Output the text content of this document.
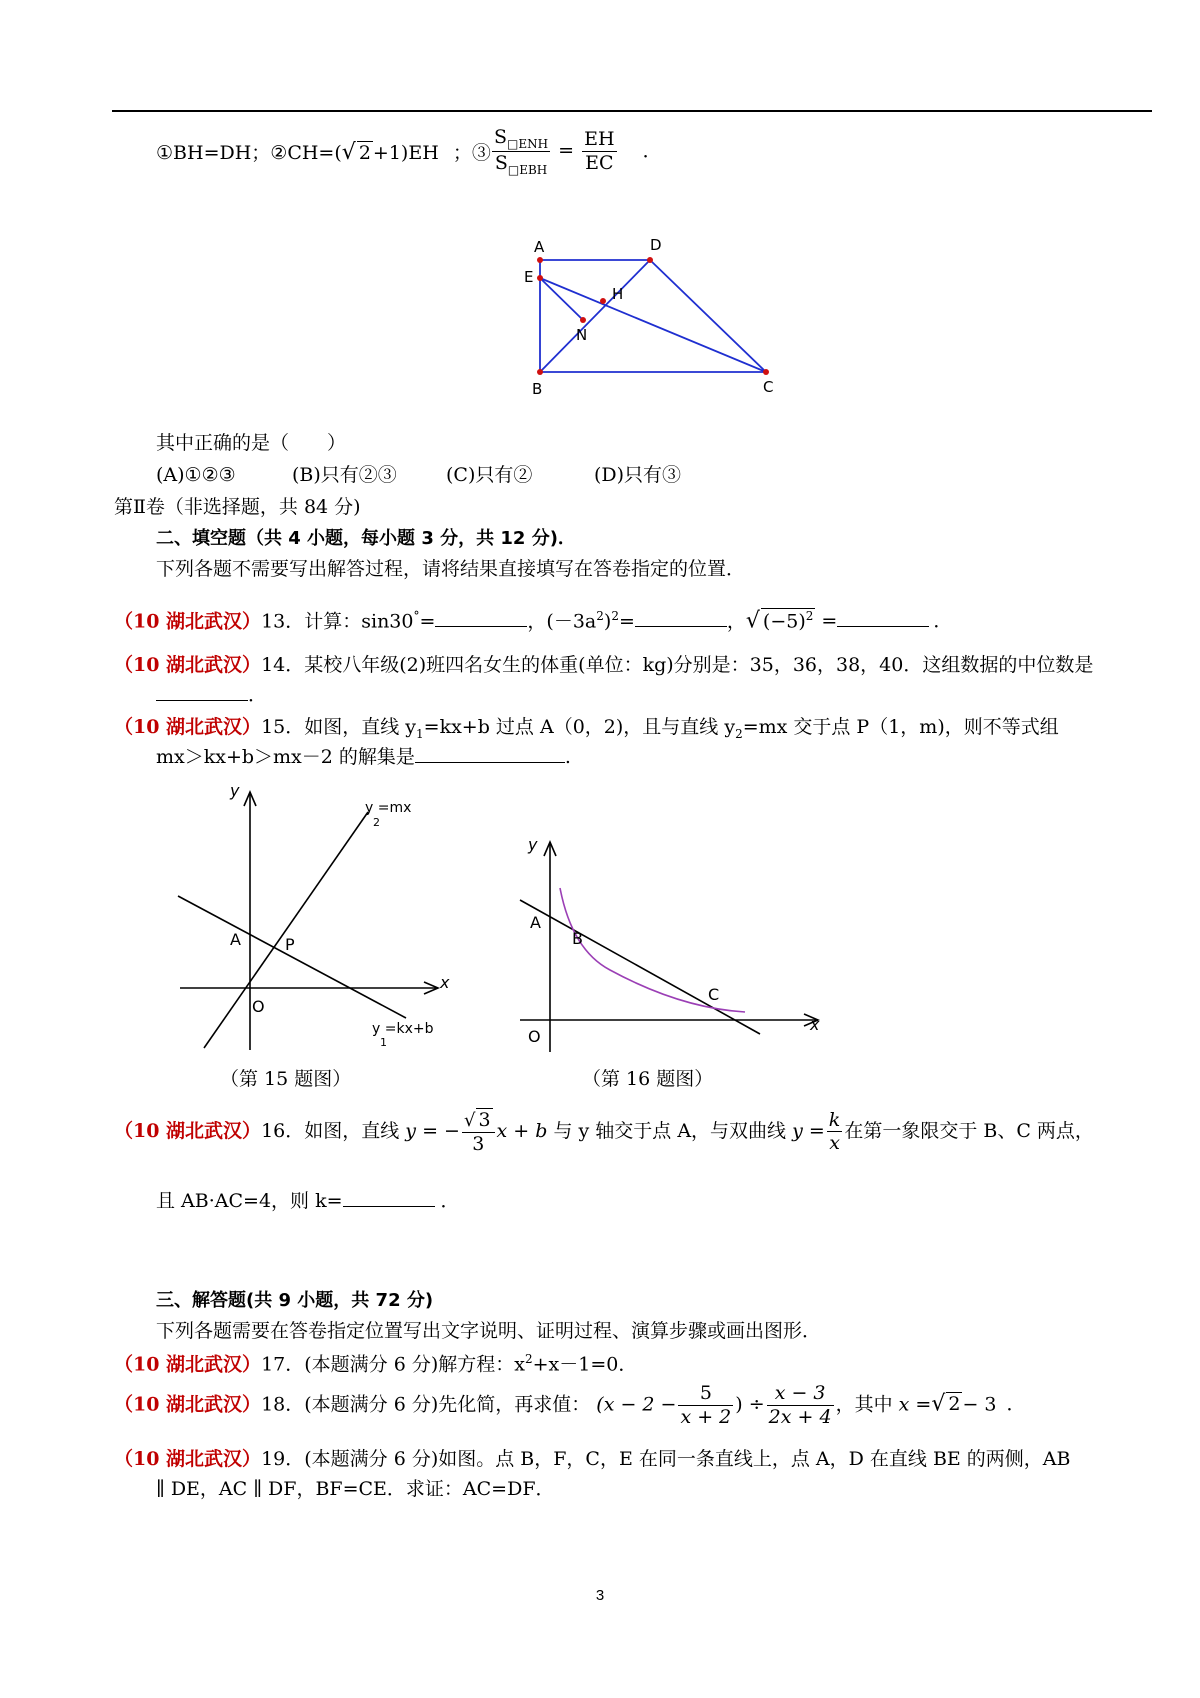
①BH=DH；②CH=(√ 2 +1)EH ；③ $\frac{S_{□ENH}}{S_{□EBH}} = \frac{EH}{EC}$ ．
A	D
E
H
N
B	C
其中正确的是（　　）
(A)①②③	(B)只有②③	(C)只有②	(D)只有③
第Ⅱ卷（非选择题，共 84 分)
二、填空题（共 4 小题，每小题 3 分，共 12 分)．
下列各题不需要写出解答过程，请将结果直接填写在答卷指定的位置．
（10 湖北武汉）13．计算：sin30°=	，$(-3a^2)^2=$	，√ $(-5)^2$ =	．
（10 湖北武汉）14．某校八年级(2)班四名女生的体重(单位：kg)分别是：35，36，38，40．这组数据的中位数是
．
（10 湖北武汉）15．如图，直线 $y_1=kx+b$ 过点 A（0，2)，且与直线 $y_2=mx$ 交于点 P（1，m)，则不等式组
mx＞kx+b＞mx－2 的解集是	.
y
x
O
A	P
y =mx
2
y =kx+b
1
y
x
O
A
B
C
（第 15 题图）	（第 16 题图）
（10 湖北武汉）16．如图，直线 y = − $\frac{√ 3}{3}$ x + b 与 y 轴交于点 A，与双曲线 $y = \frac{k}{x}$ 在第一象限交于 B、C 两点，
且 AB·AC=4，则 k=	．
三、解答题(共 9 小题，共 72 分)
下列各题需要在答卷指定位置写出文字说明、证明过程、演算步骤或画出图形．
（10 湖北武汉）17．(本题满分 6 分)解方程：$x^2+x-1=0$．
（10 湖北武汉）18．(本题满分 6 分)先化简，再求值： ($x - 2 - \frac{5}{x + 2}$ ) ÷ $\frac{x - 3}{2x + 4}$ ，其中 x =√ 2 − 3 ．
（10 湖北武汉）19．(本题满分 6 分)如图。点 B，F，C，E 在同一条直线上，点 A，D 在直线 BE 的两侧，AB
∥ DE，AC ∥ DF，BF=CE．求证：AC=DF．
3
